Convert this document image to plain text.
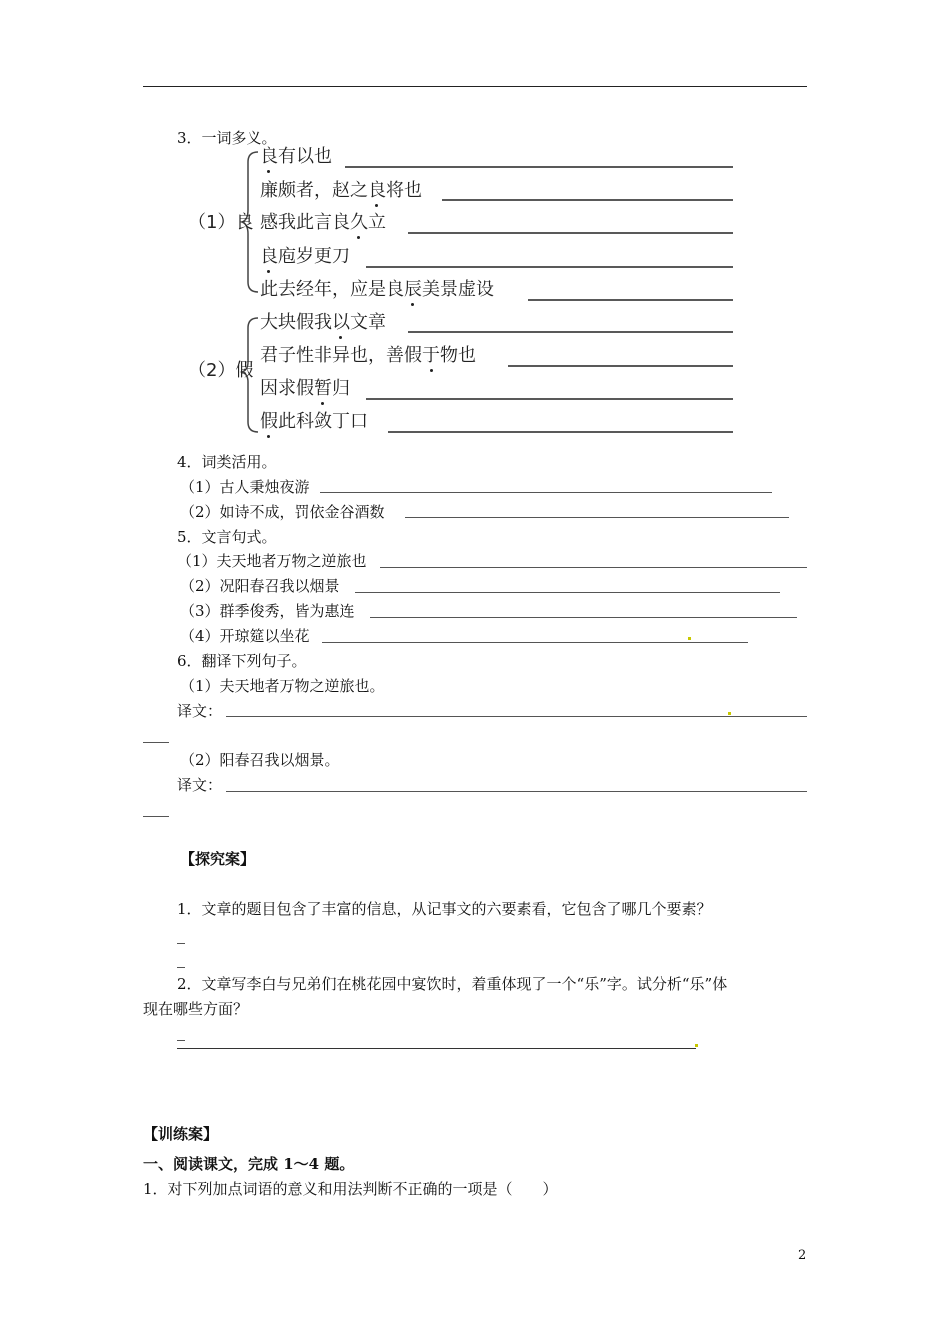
3．一词多义。
（1）良
良有以也
廉颇者，赵之良将也
感我此言良久立
良庖岁更刀
此去经年，应是良辰美景虚设
（2）假
大块假我以文章
君子性非异也，善假于物也
因求假暂归
假此科敛丁口
4．词类活用。
（1）古人秉烛夜游
（2）如诗不成，罚依金谷酒数
5．文言句式。
（1）夫天地者万物之逆旅也
（2）况阳春召我以烟景
（3）群季俊秀，皆为惠连
（4）开琼筵以坐花
6．翻译下列句子。
（1）夫天地者万物之逆旅也。
译文：
（2）阳春召我以烟景。
译文：
【探究案】
1．文章的题目包含了丰富的信息，从记事文的六要素看，它包含了哪几个要素？
2．文章写李白与兄弟们在桃花园中宴饮时，着重体现了一个“乐”字。试分析“乐”体
现在哪些方面？
【训练案】
一、阅读课文，完成 1～4 题。
1．对下列加点词语的意义和用法判断不正确的一项是（　　）
2
